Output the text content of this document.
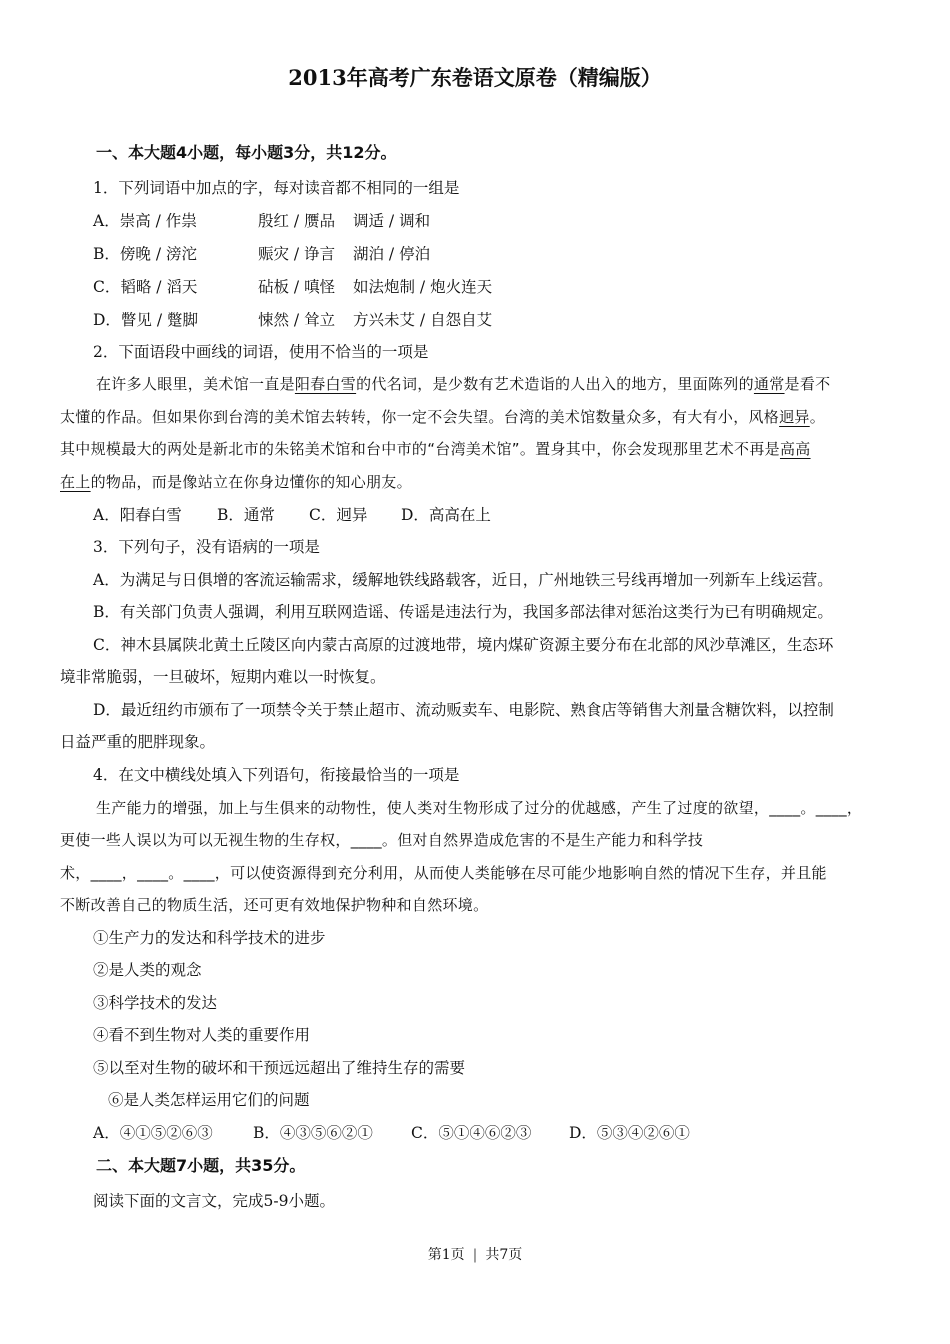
2013年高考广东卷语文原卷（精编版）
一、本大题4小题，每小题3分，共12分。
1．下列词语中加点的字，每对读音都不相同的一组是
A．崇高 / 作祟	殷红 / 赝品 调适 / 调和
B．傍晚 / 滂沱	赈灾 / 诤言 湖泊 / 停泊
C．韬略 / 滔天	砧板 / 嗔怪 如法炮制 / 炮火连天
D．瞥见 / 蹩脚	悚然 / 耸立 方兴未艾 / 自怨自艾
2．下面语段中画线的词语，使用不恰当的一项是
在许多人眼里，美术馆一直是阳春白雪的代名词，是少数有艺术造诣的人出入的地方，里面陈列的通常是看不
太懂的作品。但如果你到台湾的美术馆去转转，你一定不会失望。台湾的美术馆数量众多，有大有小，风格迥异。
其中规模最大的两处是新北市的朱铭美术馆和台中市的“台湾美术馆”。置身其中，你会发现那里艺术不再是高高
在上的物品，而是像站立在你身边懂你的知心朋友。
A．阳春白雪 B．通常 C．迥异 D．高高在上
3．下列句子，没有语病的一项是
A．为满足与日俱增的客流运输需求，缓解地铁线路载客，近日，广州地铁三号线再增加一列新车上线运营。
B．有关部门负责人强调，利用互联网造谣、传谣是违法行为，我国多部法律对惩治这类行为已有明确规定。
C．神木县属陕北黄土丘陵区向内蒙古高原的过渡地带，境内煤矿资源主要分布在北部的风沙草滩区，生态环
境非常脆弱，一旦破坏，短期内难以一时恢复。
D．最近纽约市颁布了一项禁令关于禁止超市、流动贩卖车、电影院、熟食店等销售大剂量含糖饮料，以控制
日益严重的肥胖现象。
4．在文中横线处填入下列语句，衔接最恰当的一项是
生产能力的增强，加上与生俱来的动物性，使人类对生物形成了过分的优越感，产生了过度的欲望，____。____，
更使一些人误以为可以无视生物的生存权，____。但对自然界造成危害的不是生产能力和科学技
术，____，____。____，可以使资源得到充分利用，从而使人类能够在尽可能少地影响自然的情况下生存，并且能
不断改善自己的物质生活，还可更有效地保护物种和自然环境。
①生产力的发达和科学技术的进步
②是人类的观念
③科学技术的发达
④看不到生物对人类的重要作用
⑤以至对生物的破坏和干预远远超出了维持生存的需要
⑥是人类怎样运用它们的问题
A．④①⑤②⑥③	B．④③⑤⑥②① C．⑤①④⑥②③ D．⑤③④②⑥①
二、本大题7小题，共35分。
阅读下面的文言文，完成5-9小题。
第1页 | 共7页
